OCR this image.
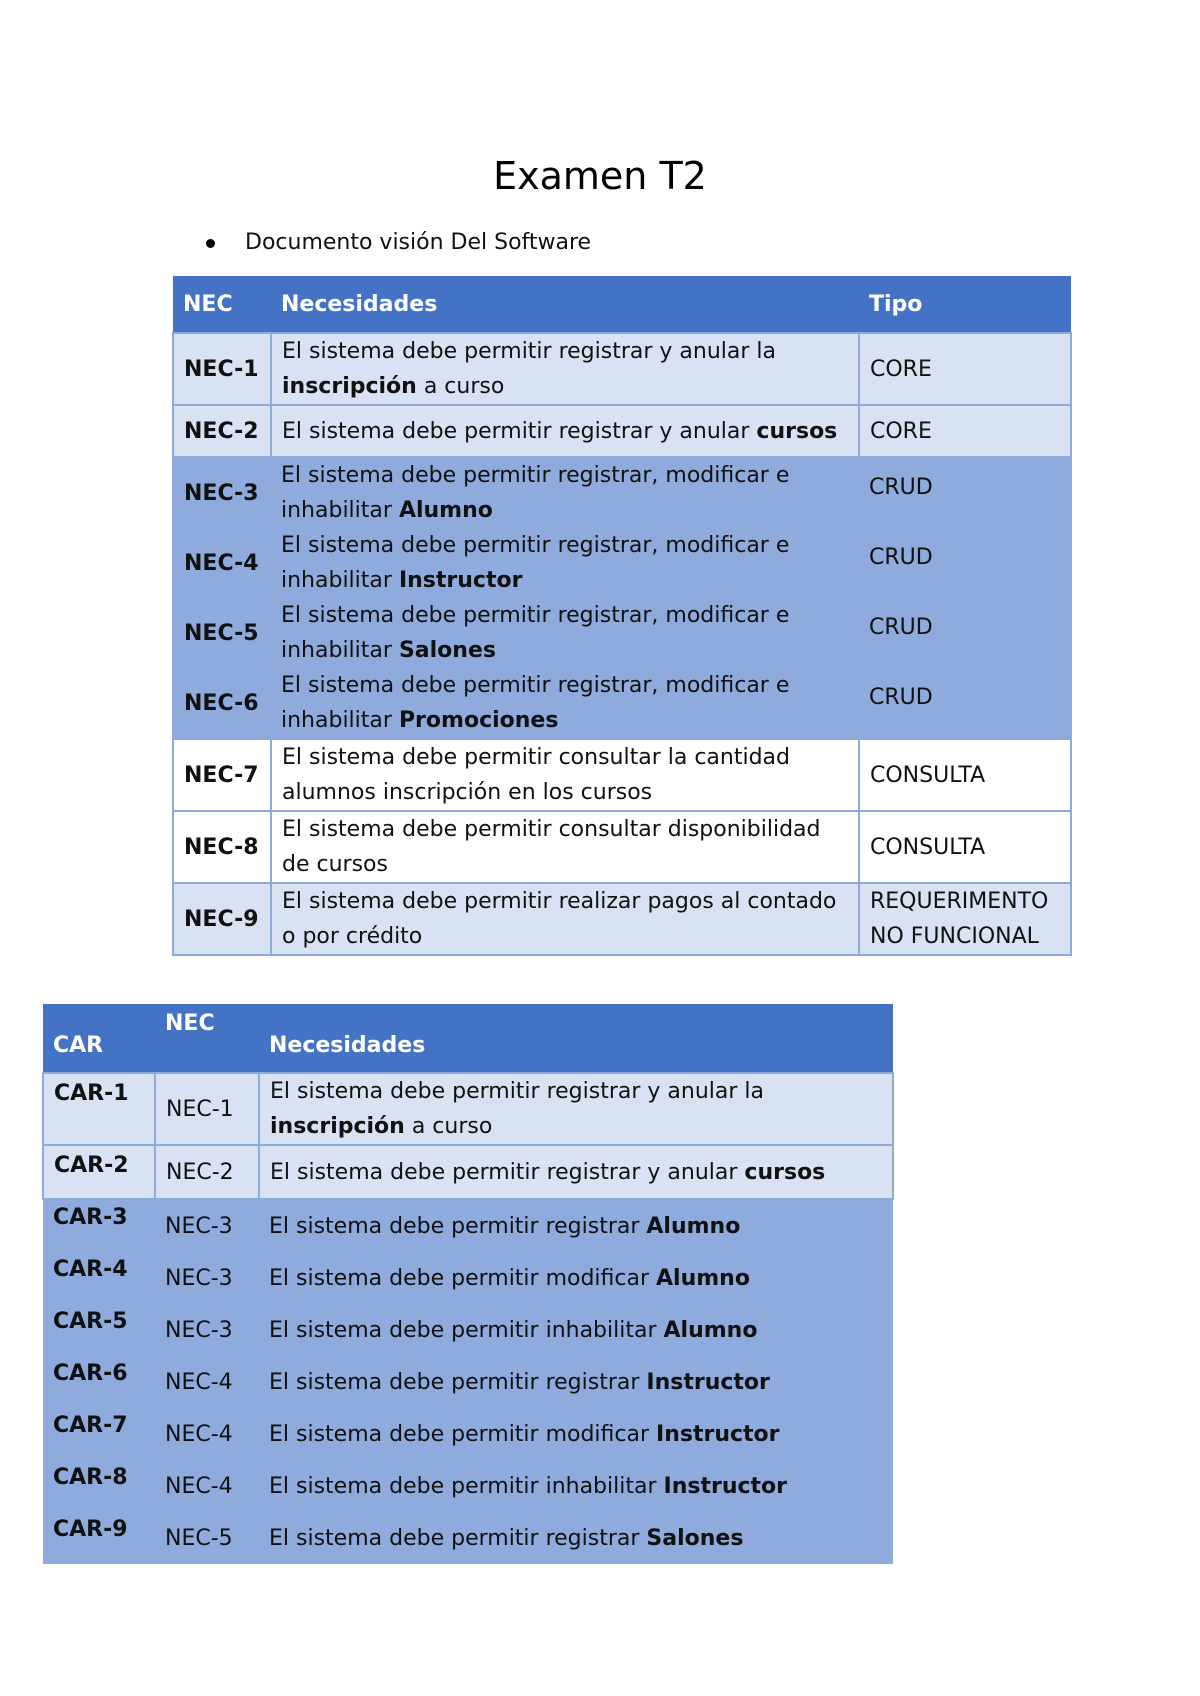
Examen T2
Documento visión Del Software
NEC	Necesidades	Tipo
NEC-1	El sistema debe permitir registrar y anular la inscripción a curso	CORE
NEC-2	El sistema debe permitir registrar y anular cursos	CORE
NEC-3	El sistema debe permitir registrar, modificar e inhabilitar Alumno	CRUD
NEC-4	El sistema debe permitir registrar, modificar e inhabilitar Instructor	CRUD
NEC-5	El sistema debe permitir registrar, modificar e inhabilitar Salones	CRUD
NEC-6	El sistema debe permitir registrar, modificar e inhabilitar Promociones	CRUD
NEC-7	El sistema debe permitir consultar la cantidad alumnos inscripción en los cursos	CONSULTA
NEC-8	El sistema debe permitir consultar disponibilidad de cursos	CONSULTA
NEC-9	El sistema debe permitir realizar pagos al contado o por crédito	REQUERIMENTO NO FUNCIONAL
CAR	NEC	Necesidades
CAR-1	NEC-1	El sistema debe permitir registrar y anular la inscripción a curso
CAR-2	NEC-2	El sistema debe permitir registrar y anular cursos
CAR-3	NEC-3	El sistema debe permitir registrar Alumno
CAR-4	NEC-3	El sistema debe permitir modificar Alumno
CAR-5	NEC-3	El sistema debe permitir inhabilitar Alumno
CAR-6	NEC-4	El sistema debe permitir registrar Instructor
CAR-7	NEC-4	El sistema debe permitir modificar Instructor
CAR-8	NEC-4	El sistema debe permitir inhabilitar Instructor
CAR-9	NEC-5	El sistema debe permitir registrar Salones
